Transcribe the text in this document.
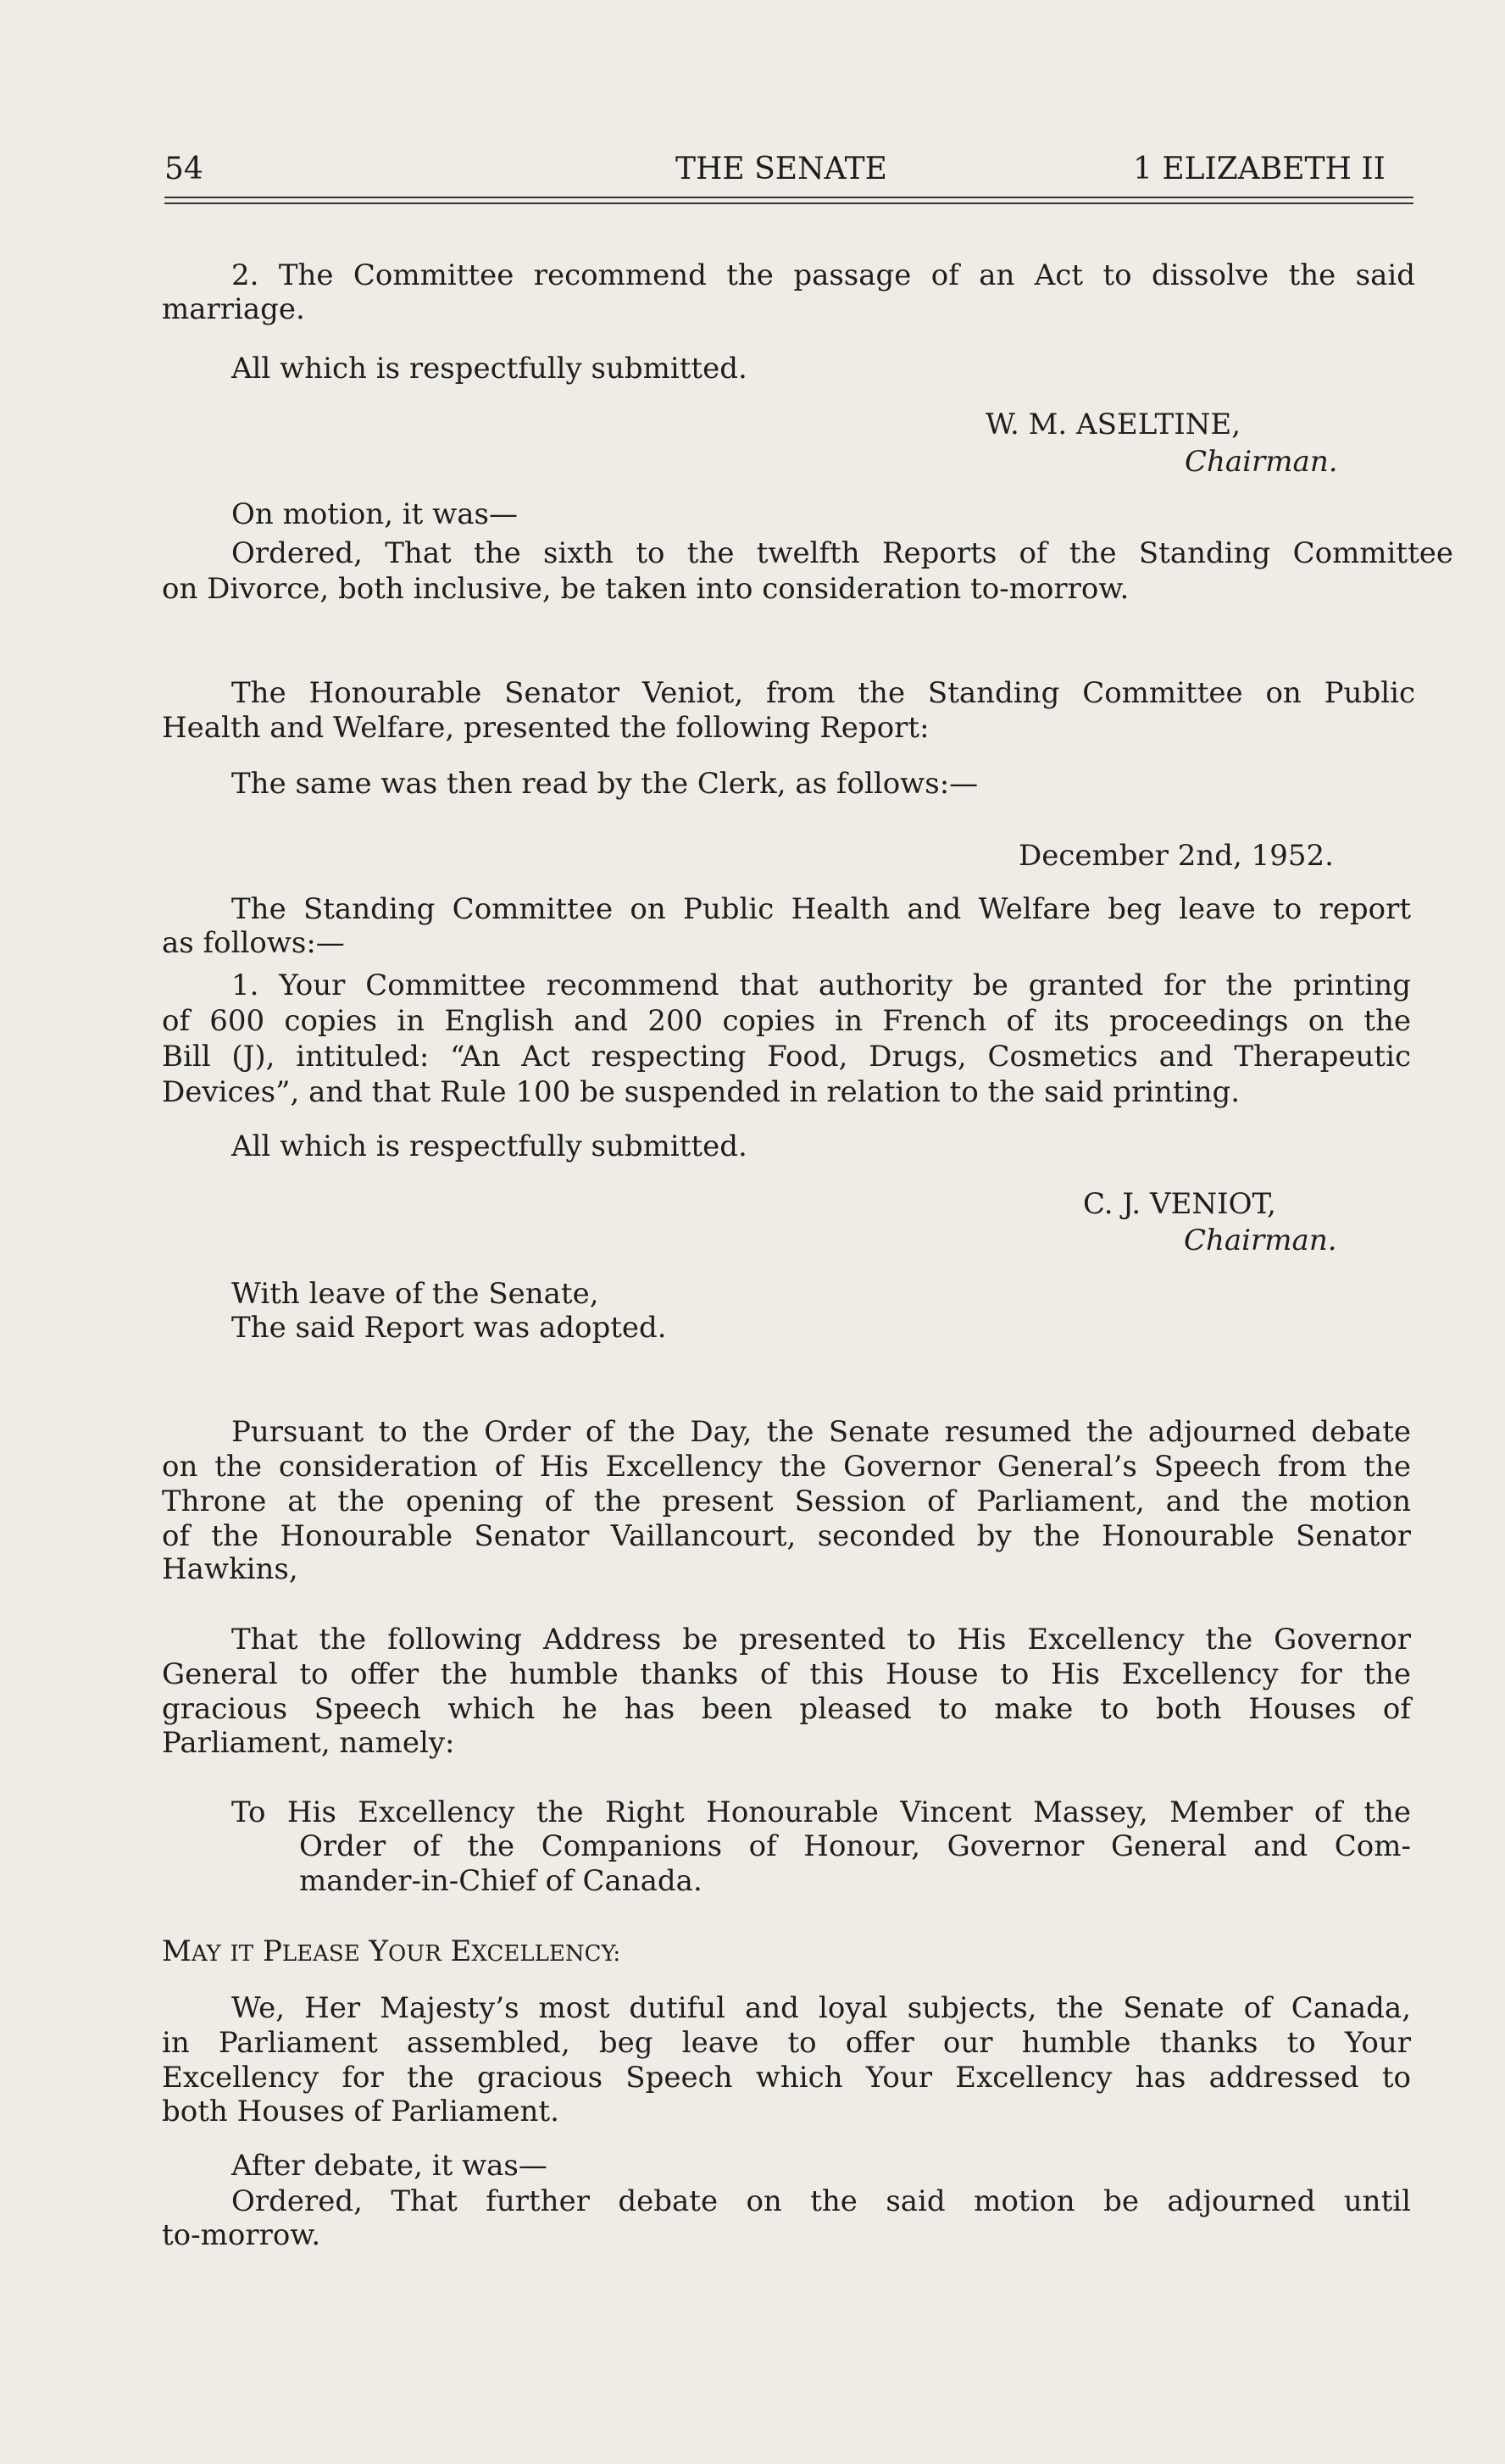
54	THE SENATE	1 ELIZABETH II
2. The Committee recommend the passage of an Act to dissolve the said
marriage.
All which is respectfully submitted.
W. M. ASELTINE,
Chairman.
On motion, it was—
Ordered, That the sixth to the twelfth Reports of the Standing Committee
on Divorce, both inclusive, be taken into consideration to-morrow.
The Honourable Senator Veniot, from the Standing Committee on Public
Health and Welfare, presented the following Report:
The same was then read by the Clerk, as follows:—
December 2nd, 1952.
The Standing Committee on Public Health and Welfare beg leave to report
as follows:—
1. Your Committee recommend that authority be granted for the printing
of 600 copies in English and 200 copies in French of its proceedings on the
Bill (J), intituled: “An Act respecting Food, Drugs, Cosmetics and Therapeutic
Devices”, and that Rule 100 be suspended in relation to the said printing.
All which is respectfully submitted.
C. J. VENIOT,
Chairman.
With leave of the Senate,
The said Report was adopted.
Pursuant to the Order of the Day, the Senate resumed the adjourned debate
on the consideration of His Excellency the Governor General’s Speech from the
Throne at the opening of the present Session of Parliament, and the motion
of the Honourable Senator Vaillancourt, seconded by the Honourable Senator
Hawkins,
That the following Address be presented to His Excellency the Governor
General to offer the humble thanks of this House to His Excellency for the
gracious Speech which he has been pleased to make to both Houses of
Parliament, namely:
To His Excellency the Right Honourable Vincent Massey, Member of the
Order of the Companions of Honour, Governor General and Com-
mander-in-Chief of Canada.
MAY IT PLEASE YOUR EXCELLENCY:
We, Her Majesty’s most dutiful and loyal subjects, the Senate of Canada,
in Parliament assembled, beg leave to offer our humble thanks to Your
Excellency for the gracious Speech which Your Excellency has addressed to
both Houses of Parliament.
After debate, it was—
Ordered, That further debate on the said motion be adjourned until
to-morrow.
